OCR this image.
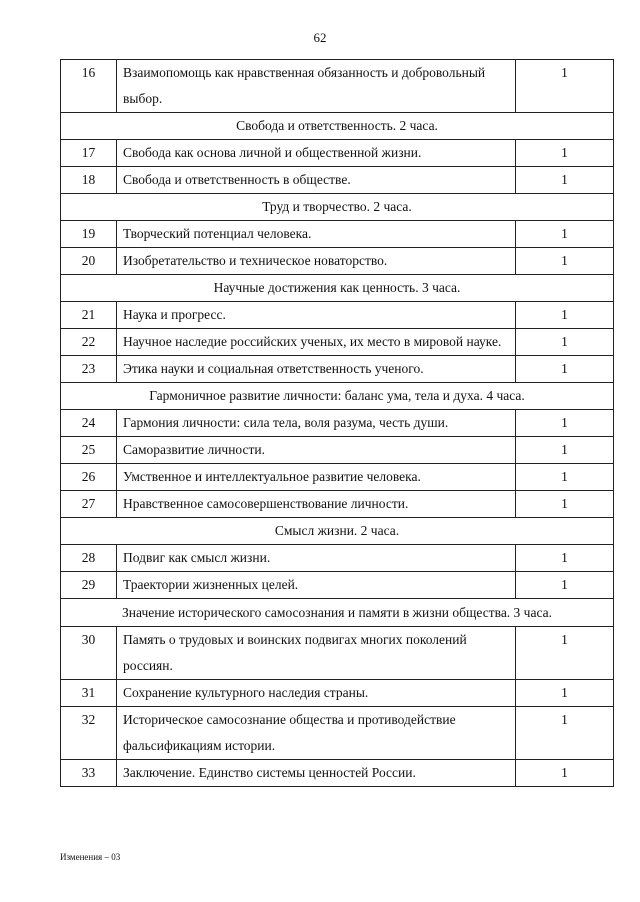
62
16	Взаимопомощь как нравственная обязанность и добровольный выбор.	1
Свобода и ответственность. 2 часа.		
17	Свобода как основа личной и общественной жизни.	1
18	Свобода и ответственность в обществе.	1
Труд и творчество. 2 часа.		
19	Творческий потенциал человека.	1
20	Изобретательство и техническое новаторство.	1
Научные достижения как ценность. 3 часа.		
21	Наука и прогресс.	1
22	Научное наследие российских ученых, их место в мировой науке.	1
23	Этика науки и социальная ответственность ученого.	1
Гармоничное развитие личности: баланс ума, тела и духа. 4 часа.		
24	Гармония личности: сила тела, воля разума, честь души.	1
25	Саморазвитие личности.	1
26	Умственное и интеллектуальное развитие человека.	1
27	Нравственное самосовершенствование личности.	1
Смысл жизни. 2 часа.		
28	Подвиг как смысл жизни.	1
29	Траектории жизненных целей.	1
Значение исторического самосознания и памяти в жизни общества. 3 часа.		
30	Память о трудовых и воинских подвигах многих поколений россиян.	1
31	Сохранение культурного наследия страны.	1
32	Историческое самосознание общества и противодействие фальсификациям истории.	1
33	Заключение. Единство системы ценностей России.	1
Изменения – 03
